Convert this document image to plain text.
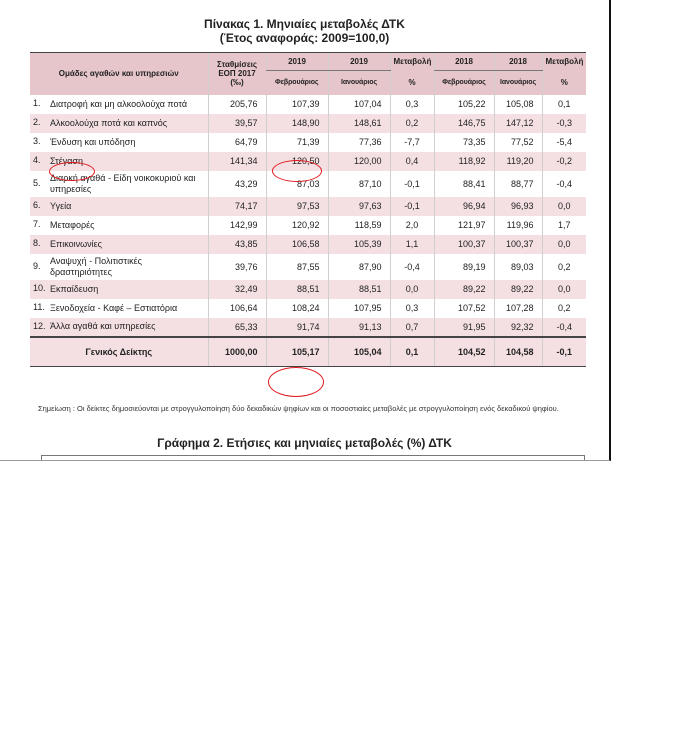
Πίνακας 1. Μηνιαίες μεταβολές ΔΤΚ
(Έτος αναφοράς: 2009=100,0)
Ομάδες αγαθών και υπηρεσιών	Σταθμίσεις ΕΟΠ 2017 (‰)	2019	2019	Μεταβολή	2018	2018	Μεταβολή
		Φεβρουάριος	Ιανουάριος	%	Φεβρουάριος	Ιανουάριος	%
1. Διατροφή και μη αλκοολούχα ποτά	205,76	107,39	107,04	0,3	105,22	105,08	0,1
2. Αλκοολούχα ποτά και καπνός	39,57	148,90	148,61	0,2	146,75	147,12	-0,3
3. Ένδυση και υπόδηση	64,79	71,39	77,36	-7,7	73,35	77,52	-5,4
4. Στέγαση	141,34	120,50	120,00	0,4	118,92	119,20	-0,2
5.Διαρκή αγαθά - Είδη νοικοκυριού και υπηρεσίες	43,29	87,03	87,10	-0,1	88,41	88,77	-0,4
6. Υγεία	74,17	97,53	97,63	-0,1	96,94	96,93	0,0
7. Μεταφορές	142,99	120,92	118,59	2,0	121,97	119,96	1,7
8. Επικοινωνίες	43,85	106,58	105,39	1,1	100,37	100,37	0,0
9.Αναψυχή - Πολιτιστικές δραστηριότητες	39,76	87,55	87,90	-0,4	89,19	89,03	0,2
10. Εκπαίδευση	32,49	88,51	88,51	0,0	89,22	89,22	0,0
11. Ξενοδοχεία - Καφέ – Εστιατόρια	106,64	108,24	107,95	0,3	107,52	107,28	0,2
12. Άλλα αγαθά και υπηρεσίες	65,33	91,74	91,13	0,7	91,95	92,32	-0,4
Γενικός Δείκτης	1000,00	105,17	105,04	0,1	104,52	104,58	-0,1
Σημείωση : Οι δείκτες δημοσιεύονται με στρογγυλοποίηση δύο δεκαδικών ψηφίων και οι ποσοστιαίες μεταβολές με στρογγυλοποίηση ενός δεκαδικού ψηφίου.
Γράφημα 2. Ετήσιες και μηνιαίες μεταβολές (%) ΔΤΚ
